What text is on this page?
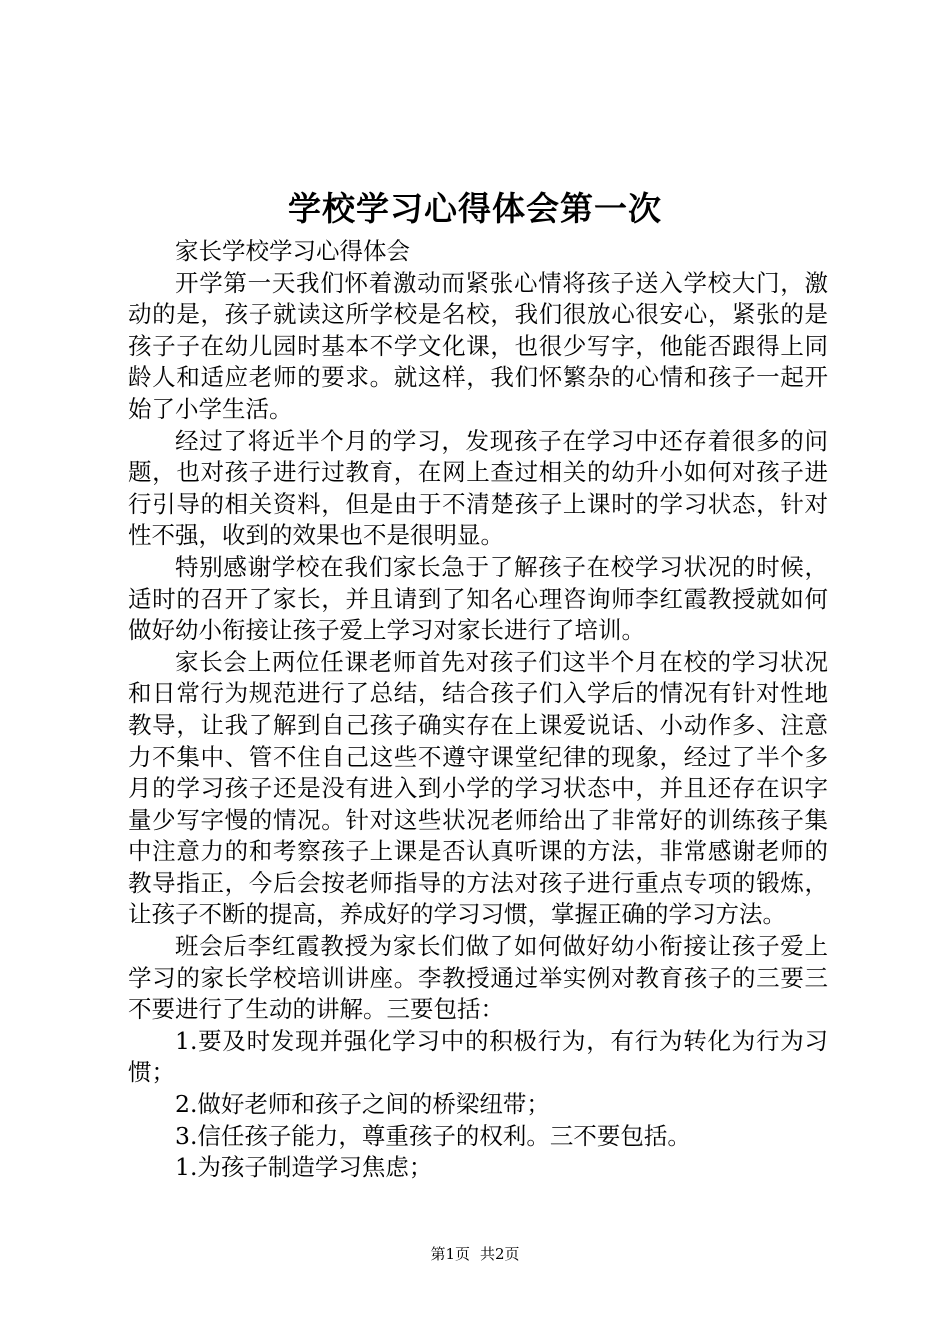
学校学习心得体会第一次

家长学校学习心得体会

开学第一天我们怀着激动而紧张心情将孩子送入学校大门，激动的是，孩子就读这所学校是名校，我们很放心很安心，紧张的是孩子子在幼儿园时基本不学文化课，也很少写字，他能否跟得上同龄人和适应老师的要求。就这样，我们怀繁杂的心情和孩子一起开始了小学生活。

经过了将近半个月的学习，发现孩子在学习中还存着很多的问题，也对孩子进行过教育，在网上查过相关的幼升小如何对孩子进行引导的相关资料，但是由于不清楚孩子上课时的学习状态，针对性不强，收到的效果也不是很明显。

特别感谢学校在我们家长急于了解孩子在校学习状况的时候，适时的召开了家长，并且请到了知名心理咨询师李红霞教授就如何做好幼小衔接让孩子爱上学习对家长进行了培训。

家长会上两位任课老师首先对孩子们这半个月在校的学习状况和日常行为规范进行了总结，结合孩子们入学后的情况有针对性地教导，让我了解到自己孩子确实存在上课爱说话、小动作多、注意力不集中、管不住自己这些不遵守课堂纪律的现象，经过了半个多月的学习孩子还是没有进入到小学的学习状态中，并且还存在识字量少写字慢的情况。针对这些状况老师给出了非常好的训练孩子集中注意力的和考察孩子上课是否认真听课的方法，非常感谢老师的教导指正，今后会按老师指导的方法对孩子进行重点专项的锻炼，让孩子不断的提高，养成好的学习习惯，掌握正确的学习方法。

班会后李红霞教授为家长们做了如何做好幼小衔接让孩子爱上学习的家长学校培训讲座。李教授通过举实例对教育孩子的三要三不要进行了生动的讲解。三要包括：

1.要及时发现并强化学习中的积极行为，有行为转化为行为习惯；

2.做好老师和孩子之间的桥梁纽带；

3.信任孩子能力，尊重孩子的权利。三不要包括。

1.为孩子制造学习焦虑；

第1页 共2页
